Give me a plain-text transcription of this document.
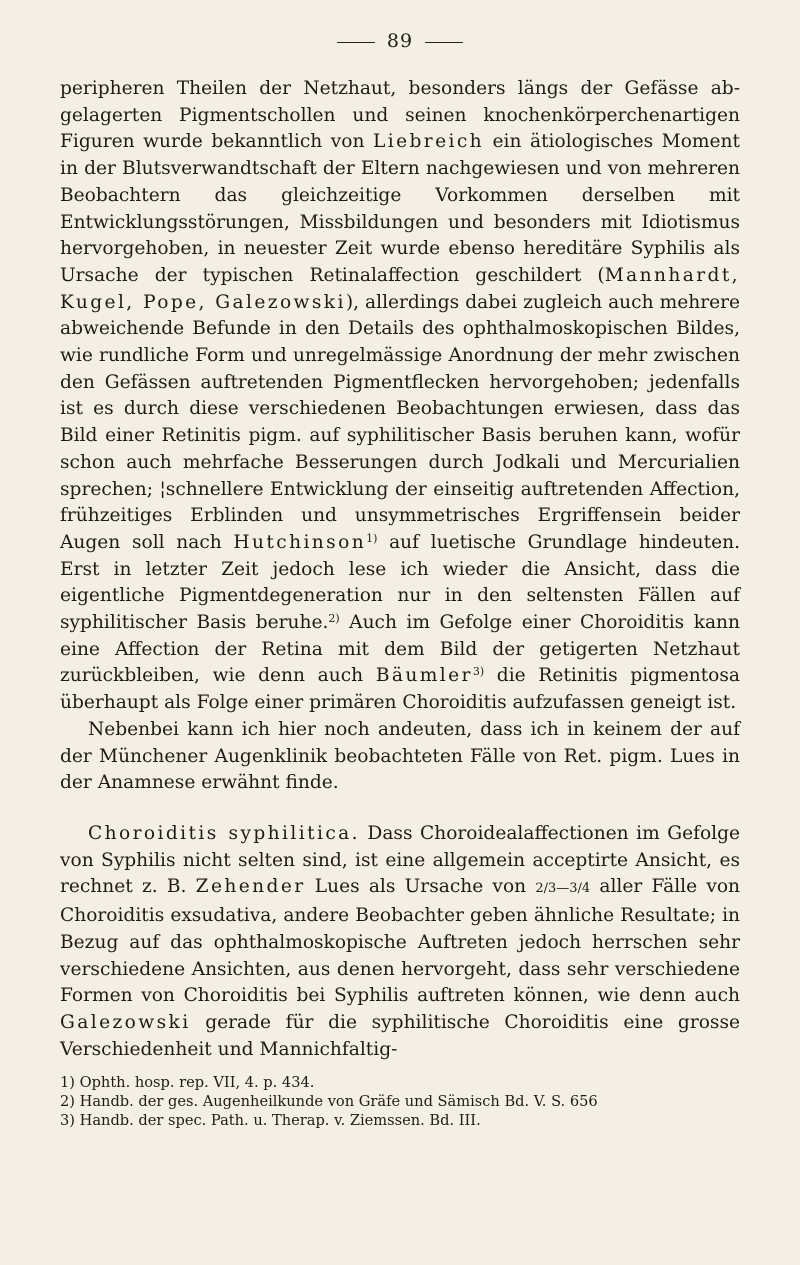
89

peripheren Theilen der Netzhaut, besonders längs der Gefässe abgelagerten Pigmentschollen und seinen knochenkörperchenartigen Figuren wurde bekanntlich von Liebreich ein ätiologisches Moment in der Blutsverwandtschaft der Eltern nachgewiesen und von mehreren Beobachtern das gleichzeitige Vorkommen derselben mit Entwicklungsstörungen, Missbildungen und besonders mit Idiotismus hervorgehoben, in neuester Zeit wurde ebenso hereditäre Syphilis als Ursache der typischen Retinalaffection geschildert (Mannhardt, Kugel, Pope, Galezowski), allerdings dabei zugleich auch mehrere abweichende Befunde in den Details des ophthalmoskopischen Bildes, wie rundliche Form und unregelmässige Anordnung der mehr zwischen den Gefässen auftretenden Pigmentflecken hervorgehoben; jedenfalls ist es durch diese verschiedenen Beobachtungen erwiesen, dass das Bild einer Retinitis pigm. auf syphilitischer Basis beruhen kann, wofür schon auch mehrfache Besserungen durch Jodkali und Mercurialien sprechen; ¦schnellere Entwicklung der einseitig auftretenden Affection, frühzeitiges Erblinden und unsymmetrisches Ergriffensein beider Augen soll nach Hutchinson$^{1)}$ auf luetische Grundlage hindeuten. Erst in letzter Zeit jedoch lese ich wieder die Ansicht, dass die eigentliche Pigmentdegeneration nur in den seltensten Fällen auf syphilitischer Basis beruhe.$^{2)}$ Auch im Gefolge einer Choroiditis kann eine Affection der Retina mit dem Bild der getigerten Netzhaut zurückbleiben, wie denn auch Bäumler$^{3)}$ die Retinitis pigmentosa überhaupt als Folge einer primären Choroiditis aufzufassen geneigt ist.

Nebenbei kann ich hier noch andeuten, dass ich in keinem der auf der Münchener Augenklinik beobachteten Fälle von Ret. pigm. Lues in der Anamnese erwähnt finde.

Choroiditis syphilitica. Dass Choroidealaffectionen im Gefolge von Syphilis nicht selten sind, ist eine allgemein acceptirte Ansicht, es rechnet z. B. Zehender Lues als Ursache von 2/3—3/4 aller Fälle von Choroiditis exsudativa, andere Beobachter geben ähnliche Resultate; in Bezug auf das ophthalmoskopische Auftreten jedoch herrschen sehr verschiedene Ansichten, aus denen hervorgeht, dass sehr verschiedene Formen von Choroiditis bei Syphilis auftreten können, wie denn auch Galezowski gerade für die syphilitische Choroiditis eine grosse Verschiedenheit und Mannichfaltig-

1) Ophth. hosp. rep. VII, 4. p. 434.
2) Handb. der ges. Augenheilkunde von Gräfe und Sämisch Bd. V. S. 656
3) Handb. der spec. Path. u. Therap. v. Ziemssen. Bd. III.
